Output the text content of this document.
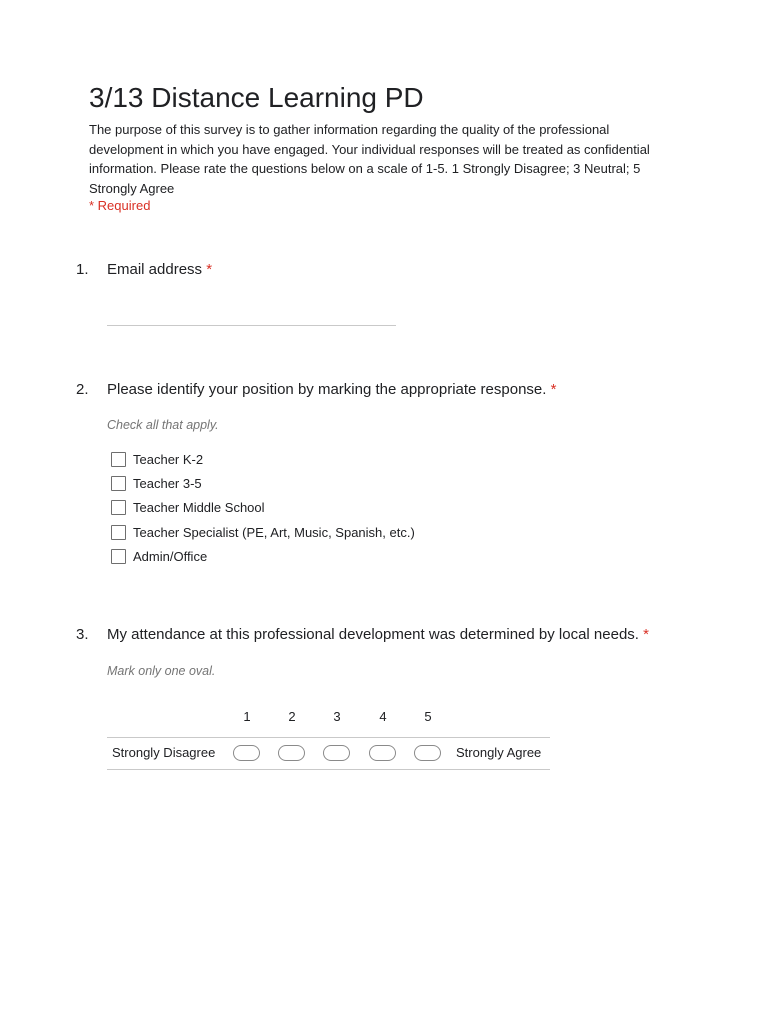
3/13 Distance Learning PD

The purpose of this survey is to gather information regarding the quality of the professional development in which you have engaged. Your individual responses will be treated as confidential information. Please rate the questions below on a scale of 1-5. 1 Strongly Disagree; 3 Neutral; 5 Strongly Agree

* Required
1. Email address *
2. Please identify your position by marking the appropriate response. *
Check all that apply.
Teacher K-2
Teacher 3-5
Teacher Middle School
Teacher Specialist (PE, Art, Music, Spanish, etc.)
Admin/Office
3. My attendance at this professional development was determined by local needs. *
Mark only one oval.
1	2	3	4	5
Strongly Disagree	Strongly Agree
